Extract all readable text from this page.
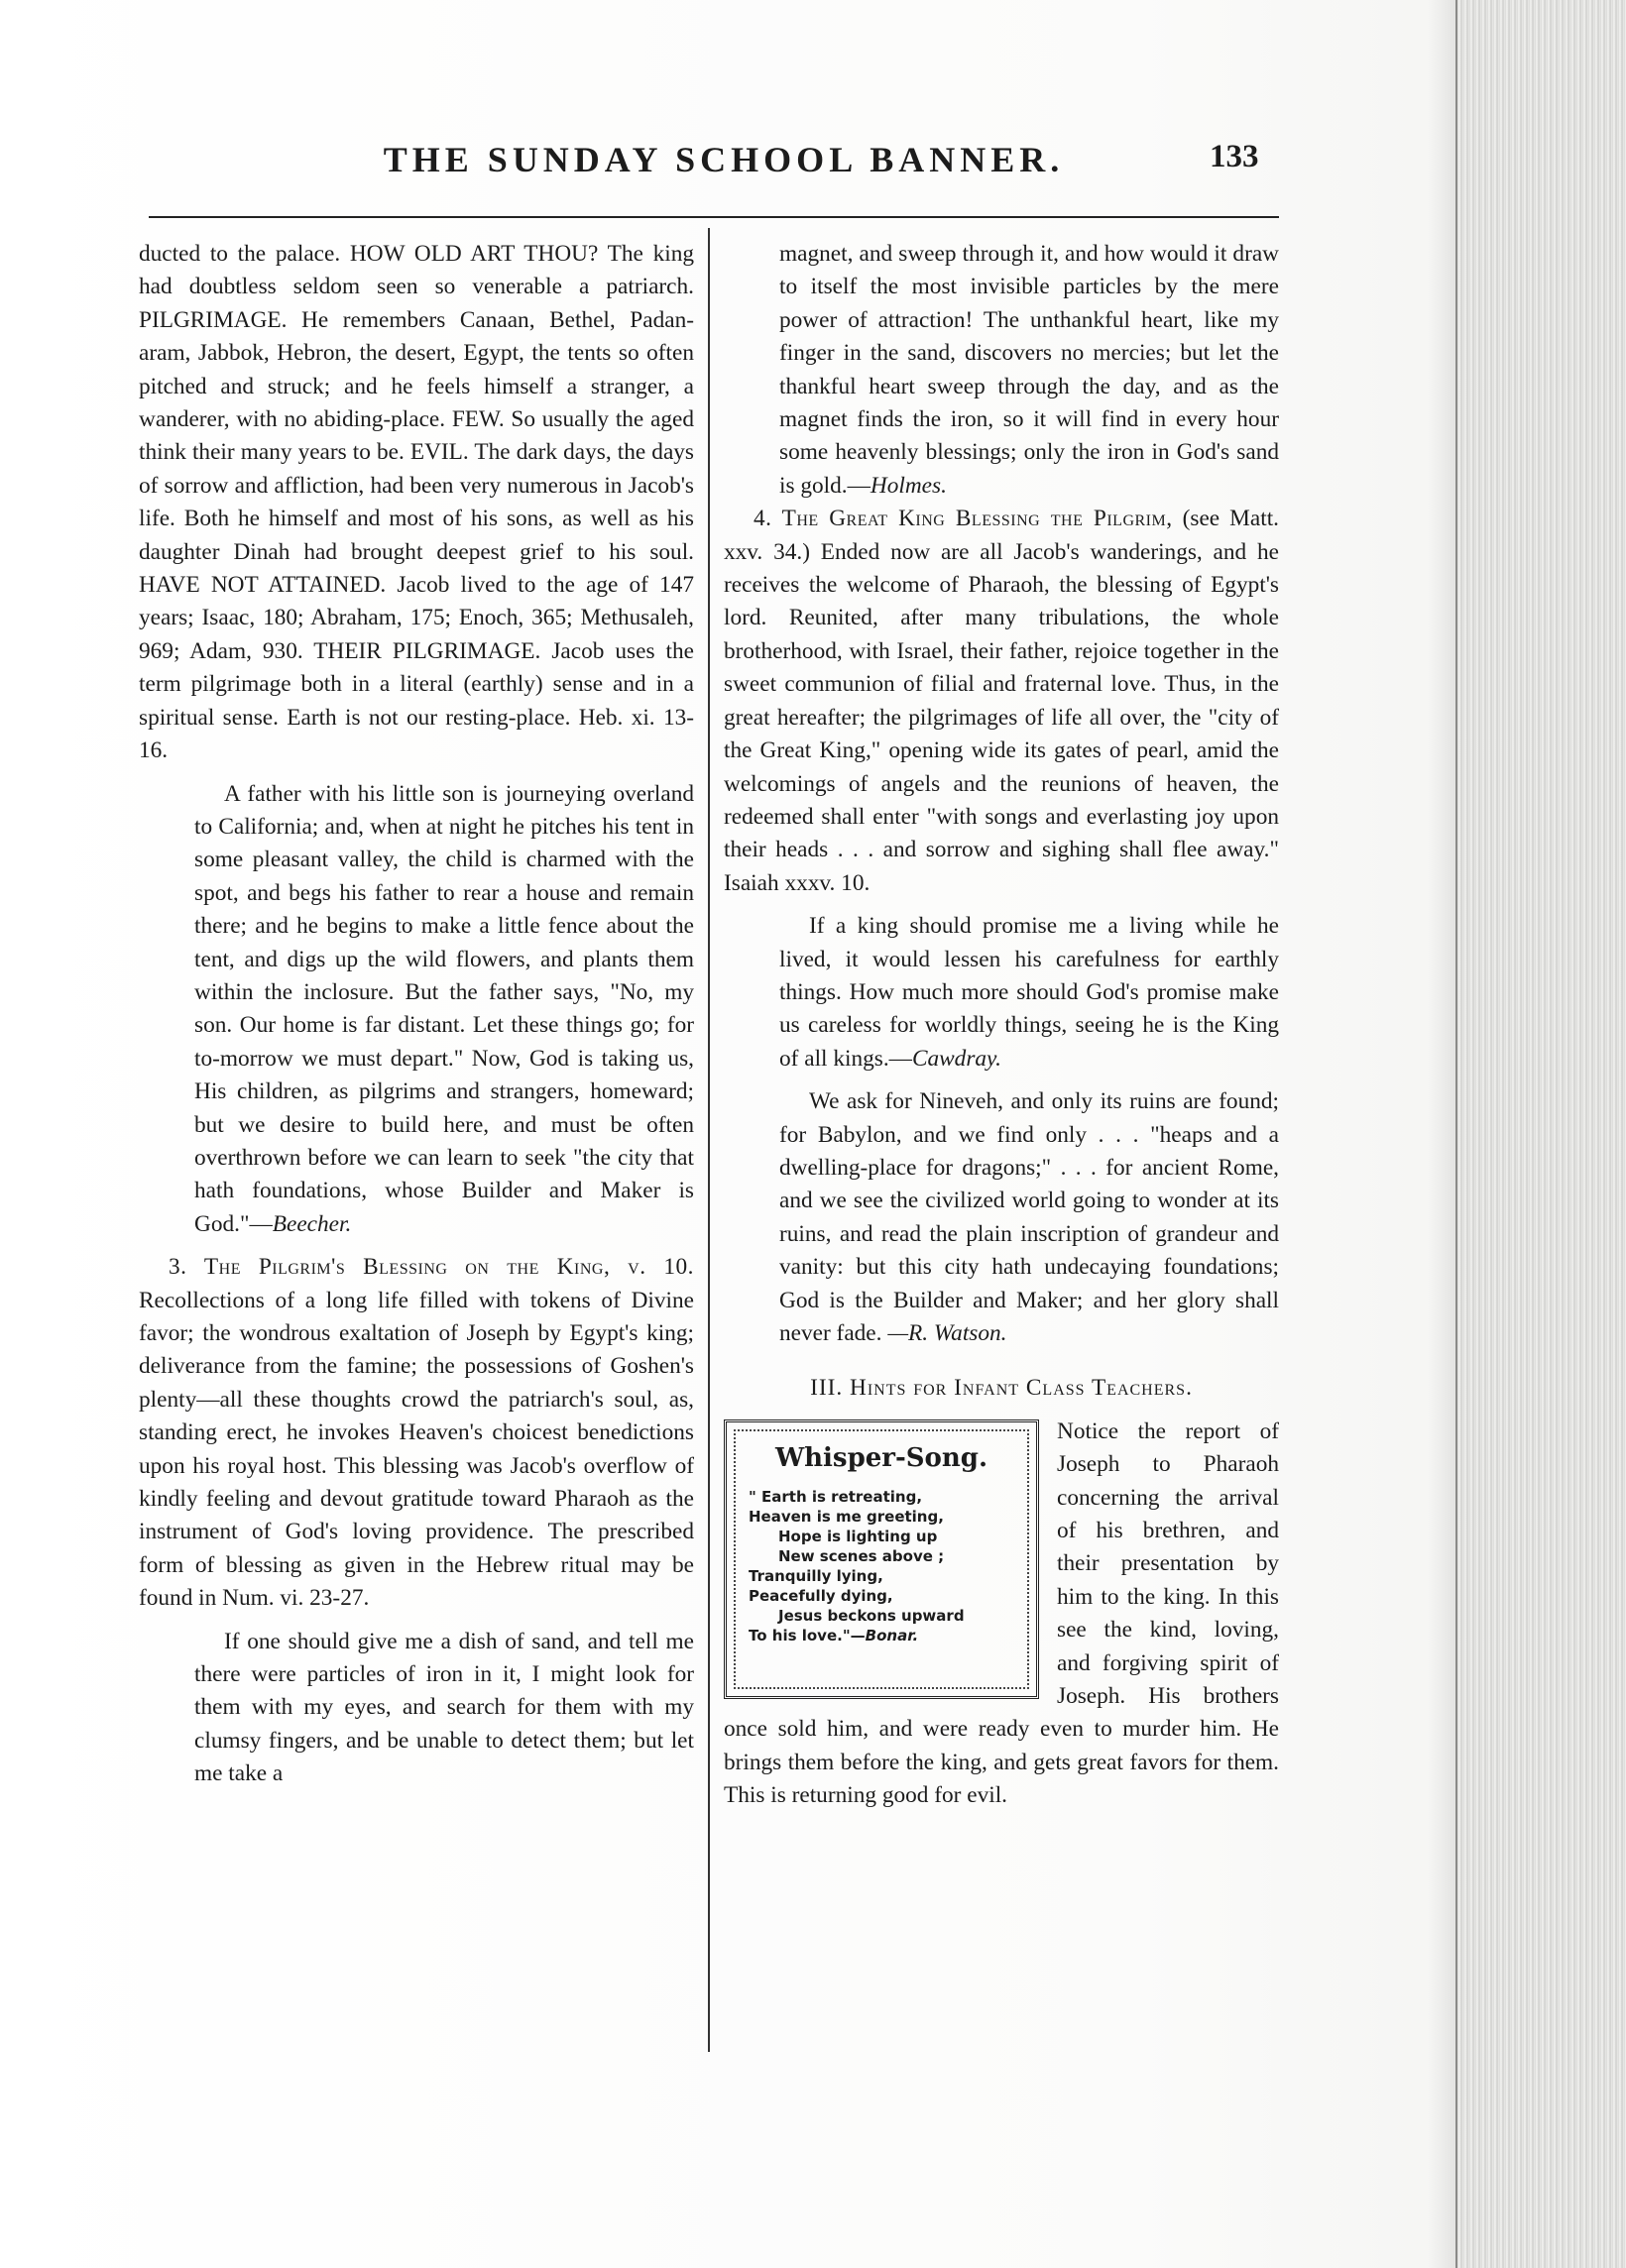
THE SUNDAY SCHOOL BANNER.	133

ducted to the palace. HOW OLD ART THOU? The king had doubtless seldom seen so venerable a patriarch. PILGRIMAGE. He remembers Canaan, Bethel, Padan-aram, Jabbok, Hebron, the desert, Egypt, the tents so often pitched and struck; and he feels himself a stranger, a wanderer, with no abiding-place. FEW. So usually the aged think their many years to be. EVIL. The dark days, the days of sorrow and affliction, had been very numerous in Jacob's life. Both he himself and most of his sons, as well as his daughter Dinah had brought deepest grief to his soul. HAVE NOT ATTAINED. Jacob lived to the age of 147 years; Isaac, 180; Abraham, 175; Enoch, 365; Methusaleh, 969; Adam, 930. THEIR PILGRIMAGE. Jacob uses the term pilgrimage both in a literal (earthly) sense and in a spiritual sense. Earth is not our resting-place. Heb. xi. 13-16.

A father with his little son is journeying overland to California; and, when at night he pitches his tent in some pleasant valley, the child is charmed with the spot, and begs his father to rear a house and remain there; and he begins to make a little fence about the tent, and digs up the wild flowers, and plants them within the inclosure. But the father says, "No, my son. Our home is far distant. Let these things go; for to-morrow we must depart." Now, God is taking us, His children, as pilgrims and strangers, homeward; but we desire to build here, and must be often overthrown before we can learn to seek "the city that hath foundations, whose Builder and Maker is God."—Beecher.

3. The Pilgrim's Blessing on the King, v. 10. Recollections of a long life filled with tokens of Divine favor; the wondrous exaltation of Joseph by Egypt's king; deliverance from the famine; the possessions of Goshen's plenty—all these thoughts crowd the patriarch's soul, as, standing erect, he invokes Heaven's choicest benedictions upon his royal host. This blessing was Jacob's overflow of kindly feeling and devout gratitude toward Pharaoh as the instrument of God's loving providence. The prescribed form of blessing as given in the Hebrew ritual may be found in Num. vi. 23-27.

If one should give me a dish of sand, and tell me there were particles of iron in it, I might look for them with my eyes, and search for them with my clumsy fingers, and be unable to detect them; but let me take a

magnet, and sweep through it, and how would it draw to itself the most invisible particles by the mere power of attraction! The unthankful heart, like my finger in the sand, discovers no mercies; but let the thankful heart sweep through the day, and as the magnet finds the iron, so it will find in every hour some heavenly blessings; only the iron in God's sand is gold.—Holmes.

4. The Great King Blessing the Pilgrim, (see Matt. xxv. 34.) Ended now are all Jacob's wanderings, and he receives the welcome of Pharaoh, the blessing of Egypt's lord. Reunited, after many tribulations, the whole brotherhood, with Israel, their father, rejoice together in the sweet communion of filial and fraternal love. Thus, in the great hereafter; the pilgrimages of life all over, the "city of the Great King," opening wide its gates of pearl, amid the welcomings of angels and the reunions of heaven, the redeemed shall enter "with songs and everlasting joy upon their heads . . . and sorrow and sighing shall flee away." Isaiah xxxv. 10.

If a king should promise me a living while he lived, it would lessen his carefulness for earthly things. How much more should God's promise make us careless for worldly things, seeing he is the King of all kings.—Cawdray.

We ask for Nineveh, and only its ruins are found; for Babylon, and we find only . . . "heaps and a dwelling-place for dragons;" . . . for ancient Rome, and we see the civilized world going to wonder at its ruins, and read the plain inscription of grandeur and vanity: but this city hath undecaying foundations; God is the Builder and Maker; and her glory shall never fade. —R. Watson.

III. Hints for Infant Class Teachers.

Whisper-Song.
" Earth is retreating,
Heaven is me greeting,
Hope is lighting up
New scenes above ;
Tranquilly lying,
Peacefully dying,
Jesus beckons upward
To his love."—Bonar.

Notice the report of Joseph to Pharaoh concerning the arrival of his brethren, and their presentation by him to the king. In this see the kind, loving, and forgiving spirit of Joseph. His brothers once sold him, and were ready even to murder him. He brings them before the king, and gets great favors for them. This is returning good for evil.
